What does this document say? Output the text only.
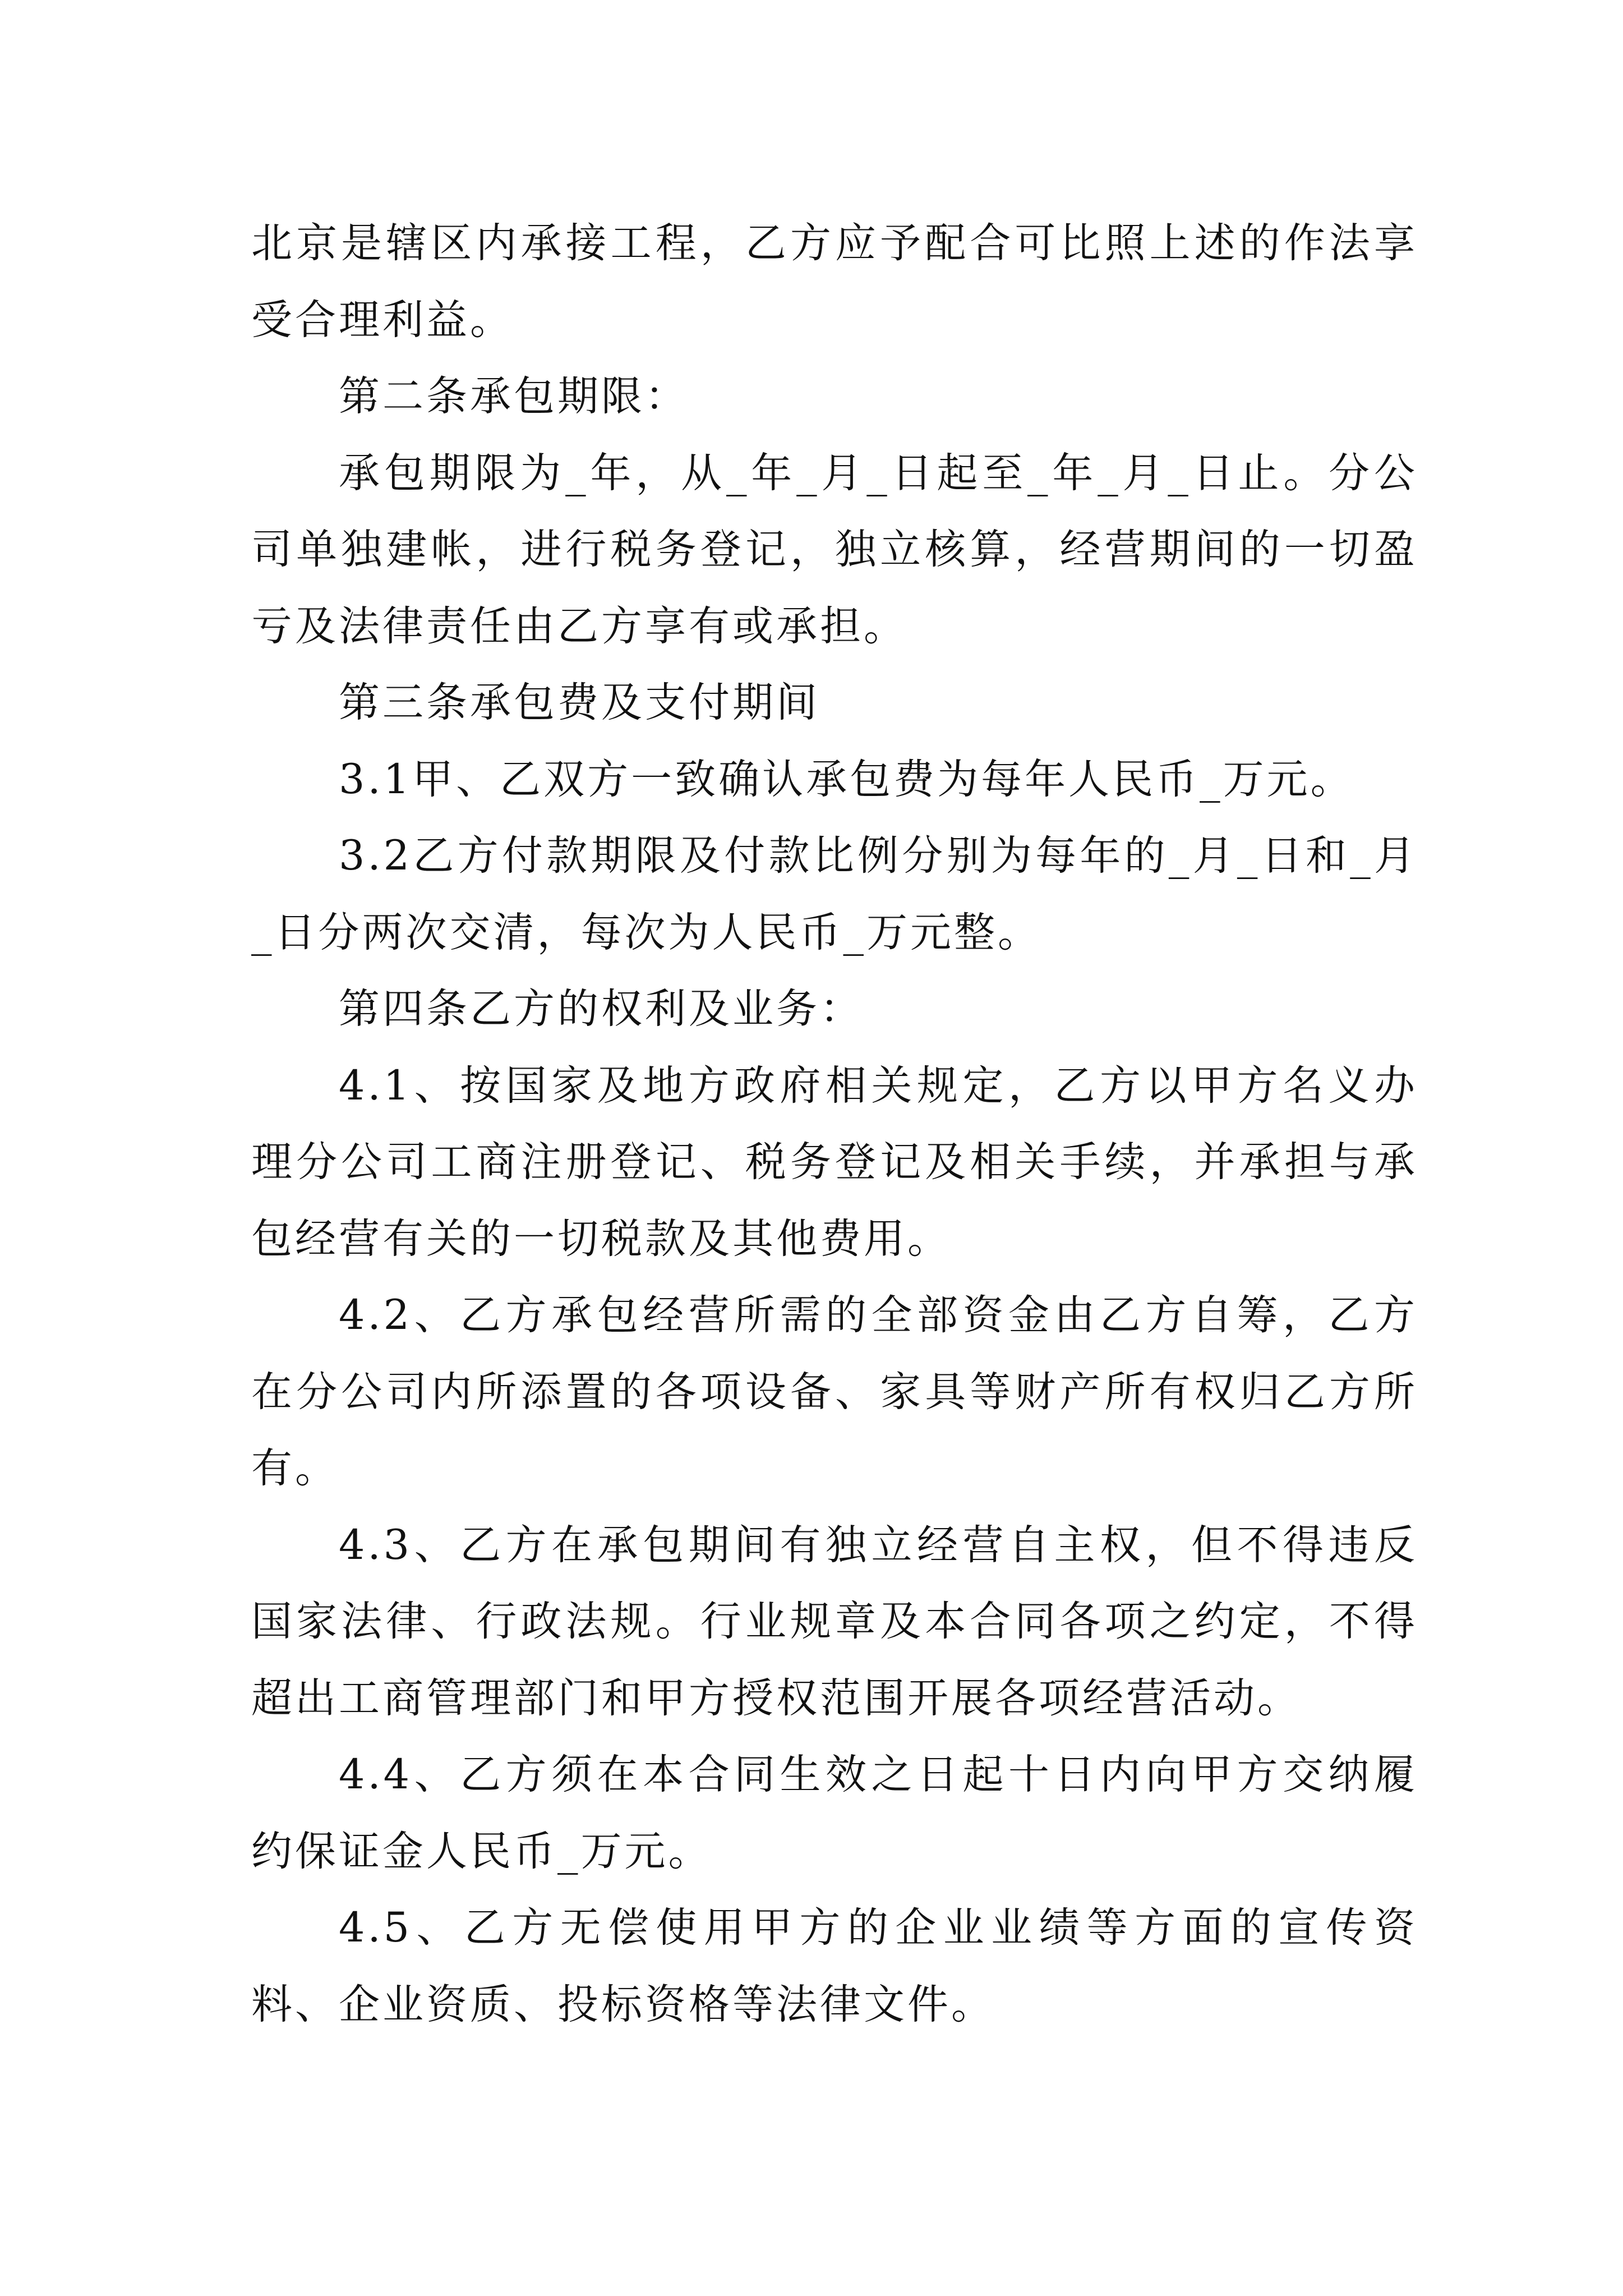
北京是辖区内承接工程，乙方应予配合可比照上述的作法享受合理利益。

第二条承包期限：

承包期限为_年，从_年_月_日起至_年_月_日止。分公司单独建帐，进行税务登记，独立核算，经营期间的一切盈亏及法律责任由乙方享有或承担。

第三条承包费及支付期间

3.1甲、乙双方一致确认承包费为每年人民币_万元。

3.2乙方付款期限及付款比例分别为每年的_月_日和_月_日分两次交清，每次为人民币_万元整。

第四条乙方的权利及业务：

4.1、按国家及地方政府相关规定，乙方以甲方名义办理分公司工商注册登记、税务登记及相关手续，并承担与承包经营有关的一切税款及其他费用。

4.2、乙方承包经营所需的全部资金由乙方自筹，乙方在分公司内所添置的各项设备、家具等财产所有权归乙方所有。

4.3、乙方在承包期间有独立经营自主权，但不得违反国家法律、行政法规。行业规章及本合同各项之约定，不得超出工商管理部门和甲方授权范围开展各项经营活动。

4.4、乙方须在本合同生效之日起十日内向甲方交纳履约保证金人民币_万元。

4.5、乙方无偿使用甲方的企业业绩等方面的宣传资料、企业资质、投标资格等法律文件。
